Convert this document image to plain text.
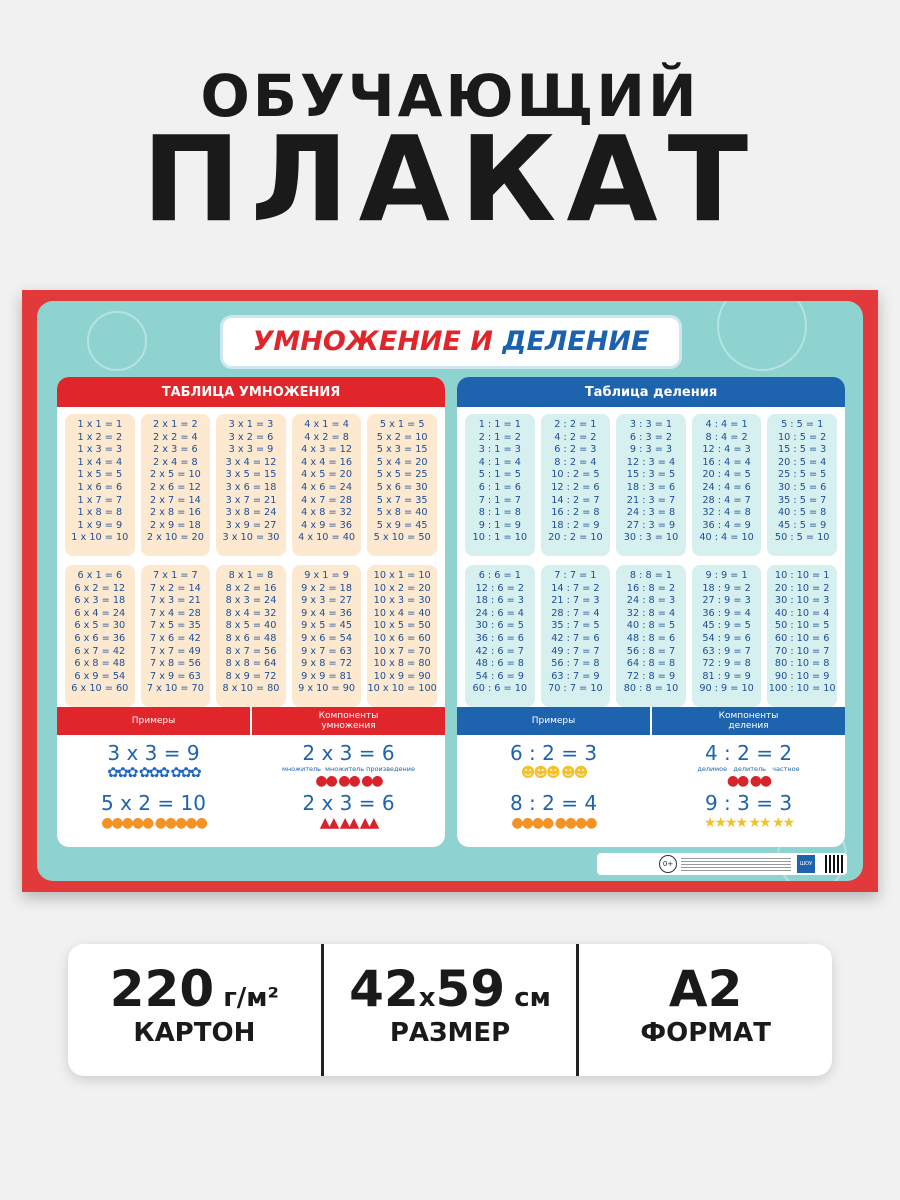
ОБУЧАЮЩИЙ
ПЛАКАТ
УМНОЖЕНИЕ И ДЕЛЕНИЕ
ТАБЛИЦА УМНОЖЕНИЯ
1 x 1 = 1
1 x 2 = 2
1 x 3 = 3
1 x 4 = 4
1 x 5 = 5
1 x 6 = 6
1 x 7 = 7
1 x 8 = 8
1 x 9 = 9
1 x 10 = 10
2 x 1 = 2
2 x 2 = 4
2 x 3 = 6
2 x 4 = 8
2 x 5 = 10
2 x 6 = 12
2 x 7 = 14
2 x 8 = 16
2 x 9 = 18
2 x 10 = 20
3 x 1 = 3
3 x 2 = 6
3 x 3 = 9
3 x 4 = 12
3 x 5 = 15
3 x 6 = 18
3 x 7 = 21
3 x 8 = 24
3 x 9 = 27
3 x 10 = 30
4 x 1 = 4
4 x 2 = 8
4 x 3 = 12
4 x 4 = 16
4 x 5 = 20
4 x 6 = 24
4 x 7 = 28
4 x 8 = 32
4 x 9 = 36
4 x 10 = 40
5 x 1 = 5
5 x 2 = 10
5 x 3 = 15
5 x 4 = 20
5 x 5 = 25
5 x 6 = 30
5 x 7 = 35
5 x 8 = 40
5 x 9 = 45
5 x 10 = 50
6 x 1 = 6
6 x 2 = 12
6 x 3 = 18
6 x 4 = 24
6 x 5 = 30
6 x 6 = 36
6 x 7 = 42
6 x 8 = 48
6 x 9 = 54
6 x 10 = 60
7 x 1 = 7
7 x 2 = 14
7 x 3 = 21
7 x 4 = 28
7 x 5 = 35
7 x 6 = 42
7 x 7 = 49
7 x 8 = 56
7 x 9 = 63
7 x 10 = 70
8 x 1 = 8
8 x 2 = 16
8 x 3 = 24
8 x 4 = 32
8 x 5 = 40
8 x 6 = 48
8 x 7 = 56
8 x 8 = 64
8 x 9 = 72
8 x 10 = 80
9 x 1 = 9
9 x 2 = 18
9 x 3 = 27
9 x 4 = 36
9 x 5 = 45
9 x 6 = 54
9 x 7 = 63
9 x 8 = 72
9 x 9 = 81
9 x 10 = 90
10 x 1 = 10
10 x 2 = 20
10 x 3 = 30
10 x 4 = 40
10 x 5 = 50
10 x 6 = 60
10 x 7 = 70
10 x 8 = 80
10 x 9 = 90
10 x 10 = 100
Примеры	Компоненты
умножения
3 x 3 = 9
✿✿✿ ✿✿✿ ✿✿✿
5 x 2 = 10
●●●●● ●●●●●
2 x 3 = 6
множитель  множитель произведение
●● ●● ●●
2 x 3 = 6
▲▲ ▲▲ ▲▲
Таблица деления
1 : 1 = 1
2 : 1 = 2
3 : 1 = 3
4 : 1 = 4
5 : 1 = 5
6 : 1 = 6
7 : 1 = 7
8 : 1 = 8
9 : 1 = 9
10 : 1 = 10
2 : 2 = 1
4 : 2 = 2
6 : 2 = 3
8 : 2 = 4
10 : 2 = 5
12 : 2 = 6
14 : 2 = 7
16 : 2 = 8
18 : 2 = 9
20 : 2 = 10
3 : 3 = 1
6 : 3 = 2
9 : 3 = 3
12 : 3 = 4
15 : 3 = 5
18 : 3 = 6
21 : 3 = 7
24 : 3 = 8
27 : 3 = 9
30 : 3 = 10
4 : 4 = 1
8 : 4 = 2
12 : 4 = 3
16 : 4 = 4
20 : 4 = 5
24 : 4 = 6
28 : 4 = 7
32 : 4 = 8
36 : 4 = 9
40 : 4 = 10
5 : 5 = 1
10 : 5 = 2
15 : 5 = 3
20 : 5 = 4
25 : 5 = 5
30 : 5 = 6
35 : 5 = 7
40 : 5 = 8
45 : 5 = 9
50 : 5 = 10
6 : 6 = 1
12 : 6 = 2
18 : 6 = 3
24 : 6 = 4
30 : 6 = 5
36 : 6 = 6
42 : 6 = 7
48 : 6 = 8
54 : 6 = 9
60 : 6 = 10
7 : 7 = 1
14 : 7 = 2
21 : 7 = 3
28 : 7 = 4
35 : 7 = 5
42 : 7 = 6
49 : 7 = 7
56 : 7 = 8
63 : 7 = 9
70 : 7 = 10
8 : 8 = 1
16 : 8 = 2
24 : 8 = 3
32 : 8 = 4
40 : 8 = 5
48 : 8 = 6
56 : 8 = 7
64 : 8 = 8
72 : 8 = 9
80 : 8 = 10
9 : 9 = 1
18 : 9 = 2
27 : 9 = 3
36 : 9 = 4
45 : 9 = 5
54 : 9 = 6
63 : 9 = 7
72 : 9 = 8
81 : 9 = 9
90 : 9 = 10
10 : 10 = 1
20 : 10 = 2
30 : 10 = 3
40 : 10 = 4
50 : 10 = 5
60 : 10 = 6
70 : 10 = 7
80 : 10 = 8
90 : 10 = 9
100 : 10 = 10
Примеры	Компоненты
деления
6 : 2 = 3
☻☻☻ ☻☻
8 : 2 = 4
●●●● ●●●●
4 : 2 = 2
делимое   делитель   частное
●● ●●
9 : 3 = 3
★★★★ ★★ ★★
0+	ШОУ
220 г/м²
КАРТОН
42x59 см
РАЗМЕР
A2
ФОРМАТ
